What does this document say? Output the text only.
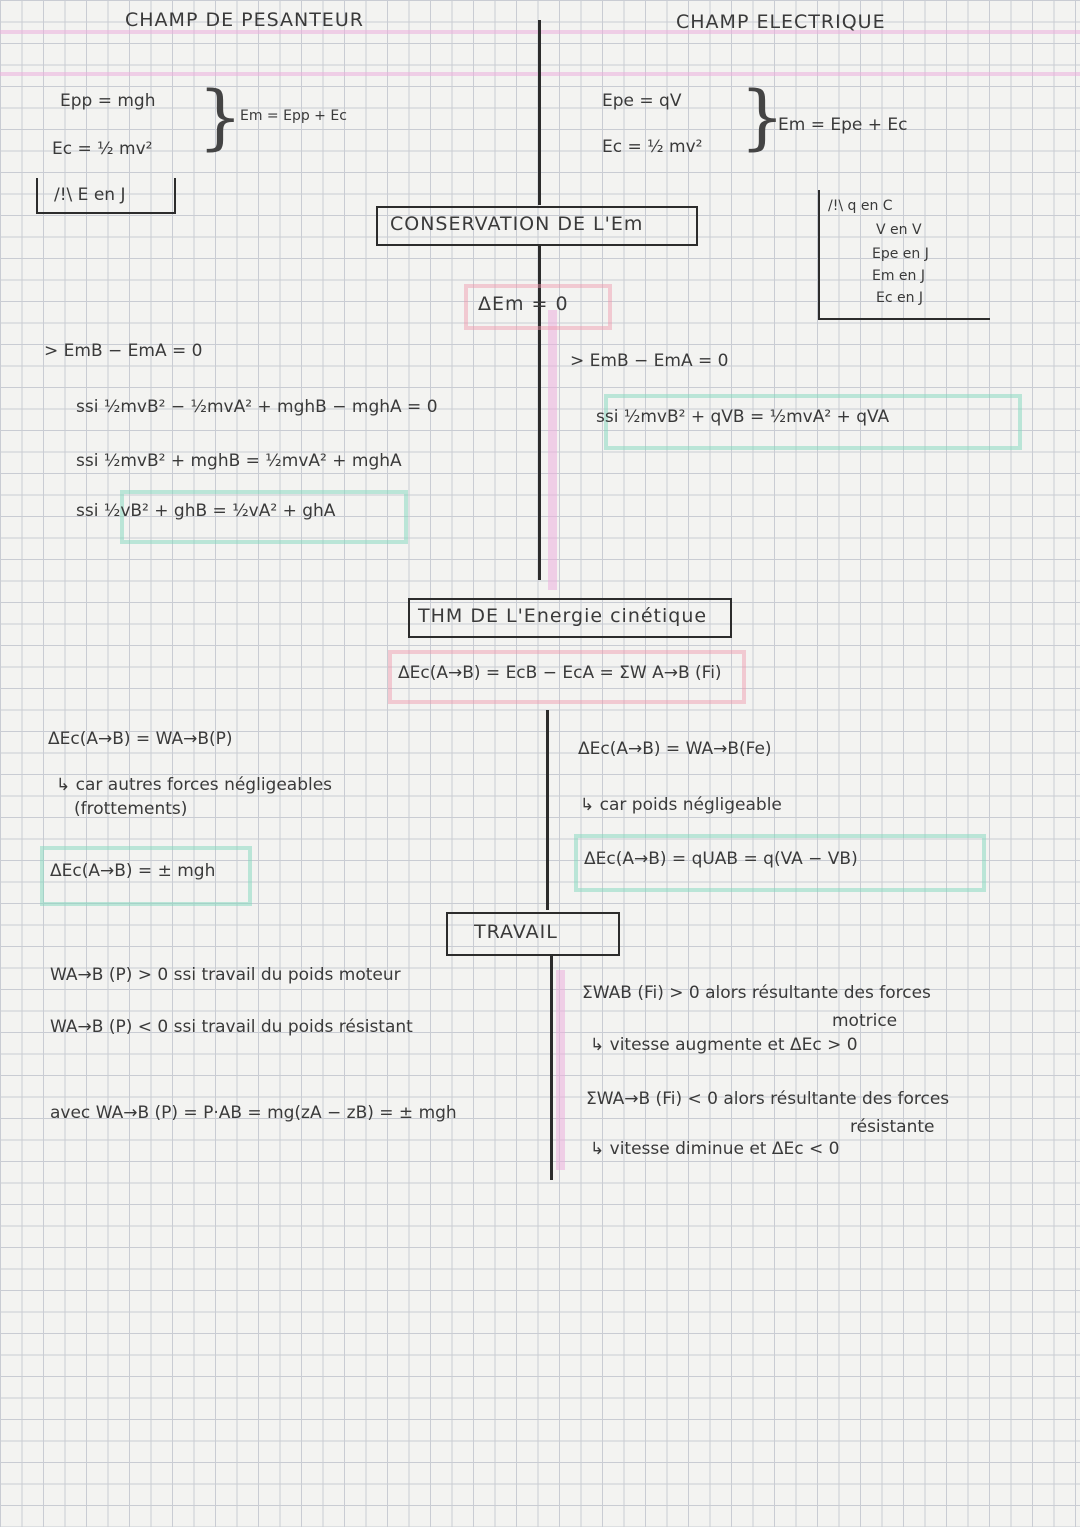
CHAMP DE PESANTEUR
Epp = mgh
Ec = ½ mv² }
Em = Epp + Ec
/!\ E en J
CHAMP ELECTRIQUE
Epe = qV
Ec = ½ mv² }
Em = Epe + Ec
/!\ q en C
V en V
Epe en J
Em en J
Ec en J
CONSERVATION DE L'Em
ΔEm = 0
> EmB − EmA = 0
ssi ½mvB² − ½mvA² + mghB − mghA = 0
ssi ½mvB² + mghB = ½mvA² + mghA
ssi ½vB² + ghB = ½vA² + ghA
> EmB − EmA = 0
ssi ½mvB² + qVB = ½mvA² + qVA
THM DE L'Energie cinétique
ΔEc(A→B) = EcB − EcA = ΣW A→B (Fi)
ΔEc(A→B) = WA→B(P)
↳ car autres forces négligeables
(frottements)
ΔEc(A→B) = ± mgh
ΔEc(A→B) = WA→B(Fe)
↳ car poids négligeable
ΔEc(A→B) = qUAB = q(VA − VB)
TRAVAIL
WA→B (P) > 0 ssi travail du poids moteur
WA→B (P) < 0 ssi travail du poids résistant
avec WA→B (P) = P·AB = mg(zA − zB) = ± mgh
ΣWAB (Fi) > 0 alors résultante des forces
motrice
↳ vitesse augmente et ΔEc > 0
ΣWA→B (Fi) < 0 alors résultante des forces
résistante
↳ vitesse diminue et ΔEc < 0
